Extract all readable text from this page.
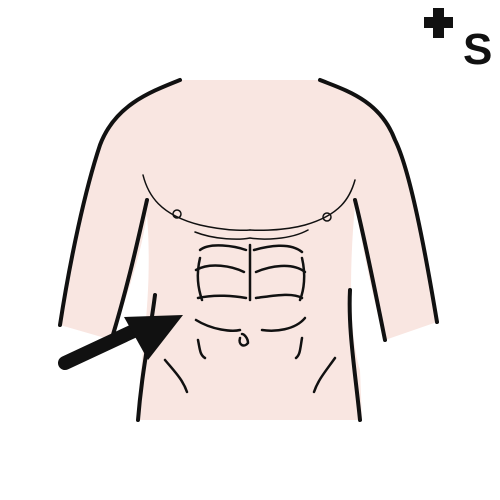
S
